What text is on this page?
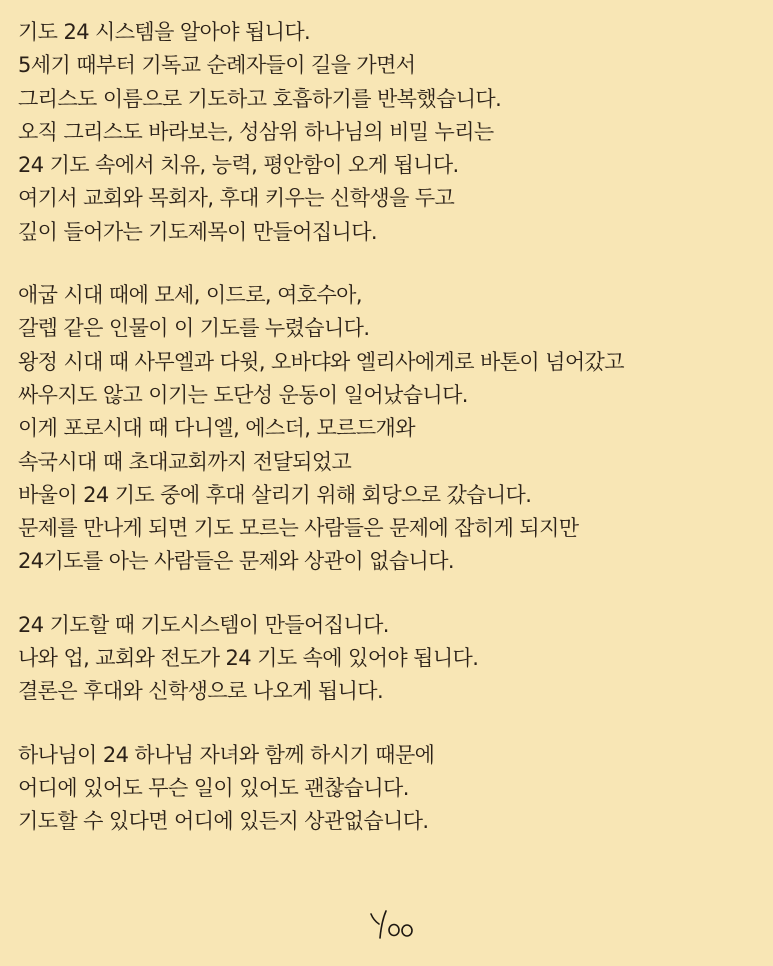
기도 24 시스템을 알아야 됩니다.
5세기 때부터 기독교 순례자들이 길을 가면서
그리스도 이름으로 기도하고 호흡하기를 반복했습니다.
오직 그리스도 바라보는, 성삼위 하나님의 비밀 누리는
24 기도 속에서 치유, 능력, 평안함이 오게 됩니다.
여기서 교회와 목회자, 후대 키우는 신학생을 두고
깊이 들어가는 기도제목이 만들어집니다.
애굽 시대 때에 모세, 이드로, 여호수아,
갈렙 같은 인물이 이 기도를 누렸습니다.
왕정 시대 때 사무엘과 다윗, 오바댜와 엘리사에게로 바톤이 넘어갔고
싸우지도 않고 이기는 도단성 운동이 일어났습니다.
이게 포로시대 때 다니엘, 에스더, 모르드개와
속국시대 때 초대교회까지 전달되었고
바울이 24 기도 중에 후대 살리기 위해 회당으로 갔습니다.
문제를 만나게 되면 기도 모르는 사람들은 문제에 잡히게 되지만
24기도를 아는 사람들은 문제와 상관이 없습니다.
24 기도할 때 기도시스템이 만들어집니다.
나와 업, 교회와 전도가 24 기도 속에 있어야 됩니다.
결론은 후대와 신학생으로 나오게 됩니다.
하나님이 24 하나님 자녀와 함께 하시기 때문에
어디에 있어도 무슨 일이 있어도 괜찮습니다.
기도할 수 있다면 어디에 있든지 상관없습니다.
